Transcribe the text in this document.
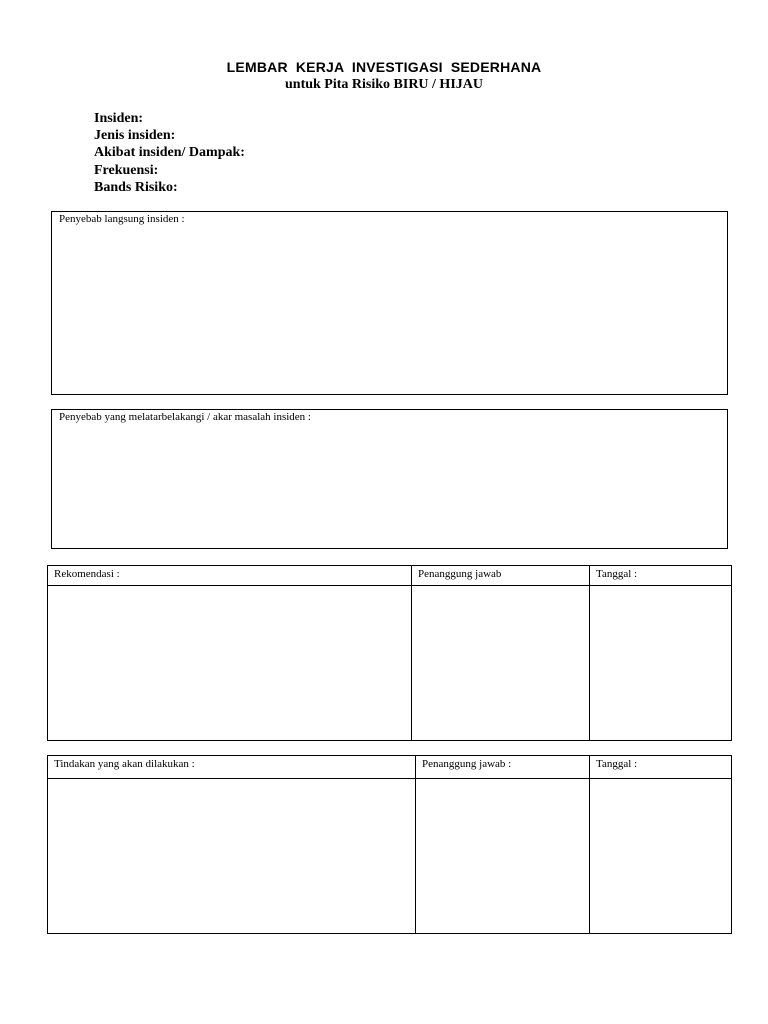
LEMBAR KERJA INVESTIGASI SEDERHANA
untuk Pita Risiko BIRU / HIJAU
Insiden:
Jenis insiden:
Akibat insiden/ Dampak:
Frekuensi:
Bands Risiko:
Penyebab langsung insiden :
Penyebab yang melatarbelakangi / akar masalah insiden :
Rekomendasi :	Penanggung jawab	Tanggal :

Tindakan yang akan dilakukan :	Penanggung jawab :	Tanggal :
